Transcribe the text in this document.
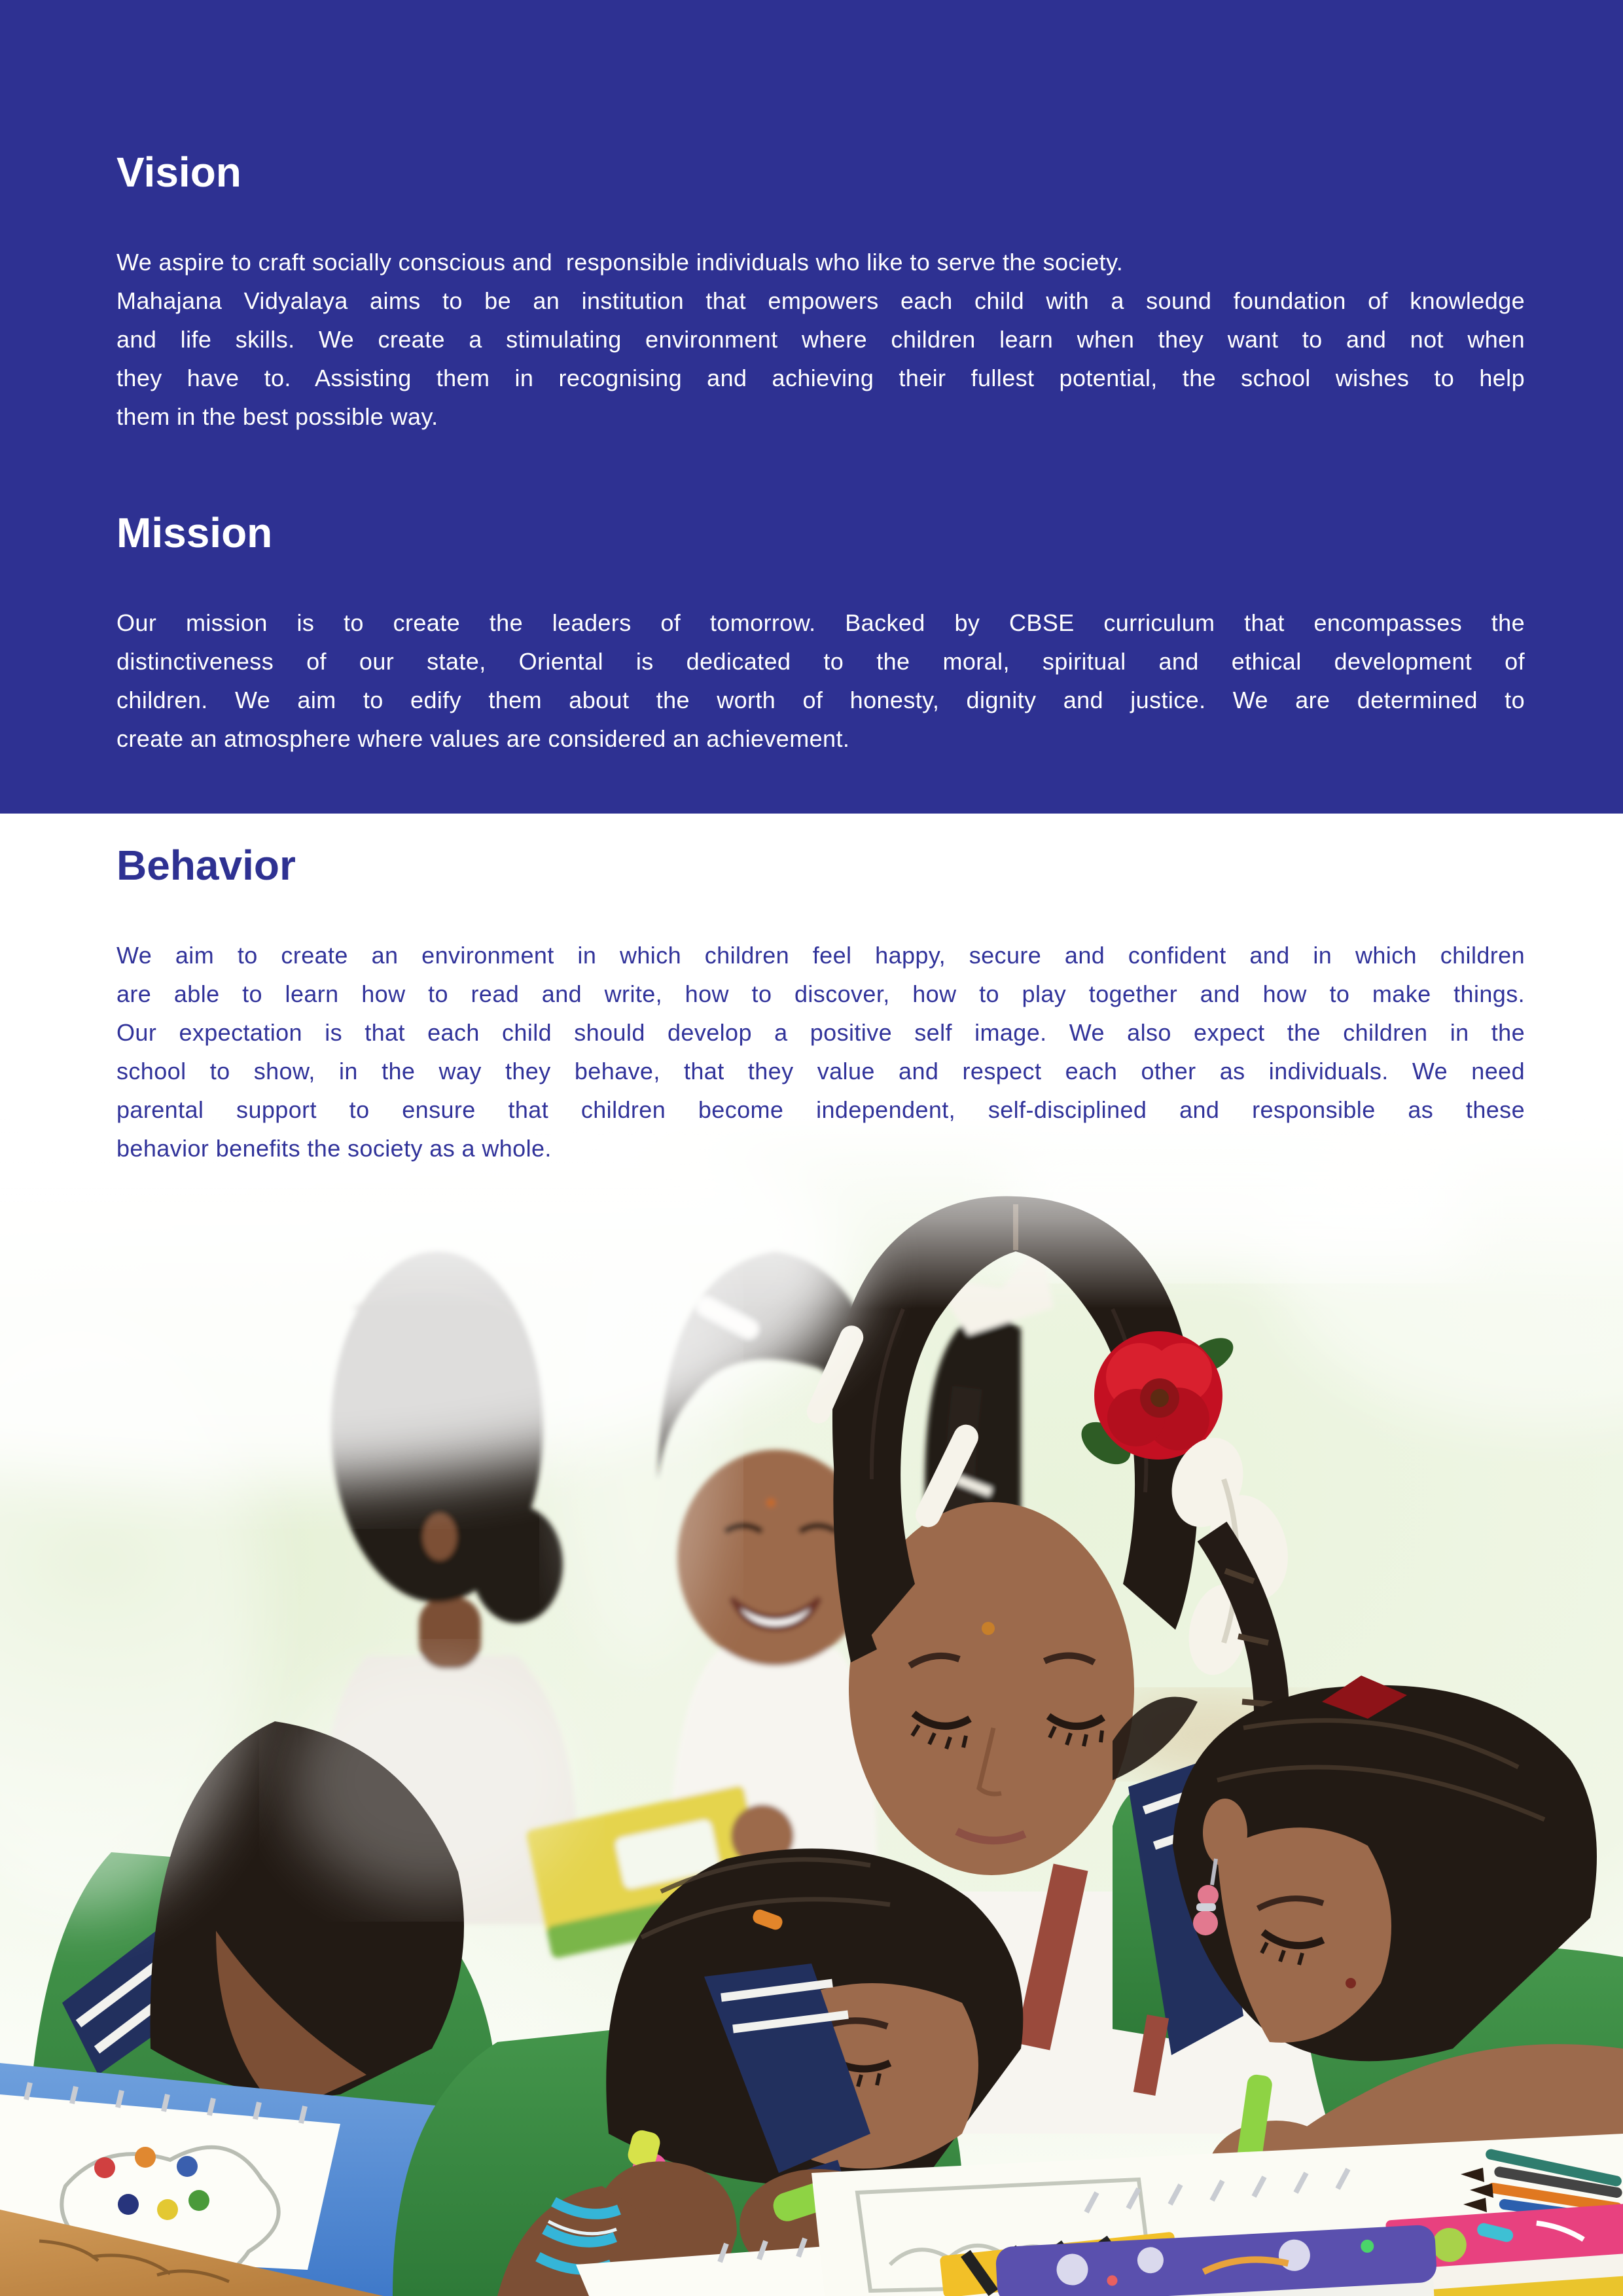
Vision
We aspire to craft socially conscious and  responsible individuals who like to serve the society.
Mahajana Vidyalaya aims to be an institution that empowers each child with a sound foundation of knowledge
and life skills. We create a stimulating environment where children learn when they want to and not when
they have to. Assisting them in recognising and achieving their fullest potential, the school wishes to help
them in the best possible way.
Mission
Our mission is to create the leaders of tomorrow. Backed by CBSE curriculum that encompasses the
distinctiveness of our state, Oriental is dedicated to the moral, spiritual and ethical development of
children. We aim to edify them about the worth of honesty, dignity and justice. We are determined to
create an atmosphere where values are considered an achievement.
Behavior
We aim to create an environment in which children feel happy, secure and confident and in which children
are able to learn how to read and write, how to discover, how to play together and how to make things.
Our expectation is that each child should develop a positive self image. We also expect the children in the
school to show, in the way they behave, that they value and respect each other as individuals. We need
parental support to ensure that children become independent, self-disciplined and responsible as these
behavior benefits the society as a whole.
